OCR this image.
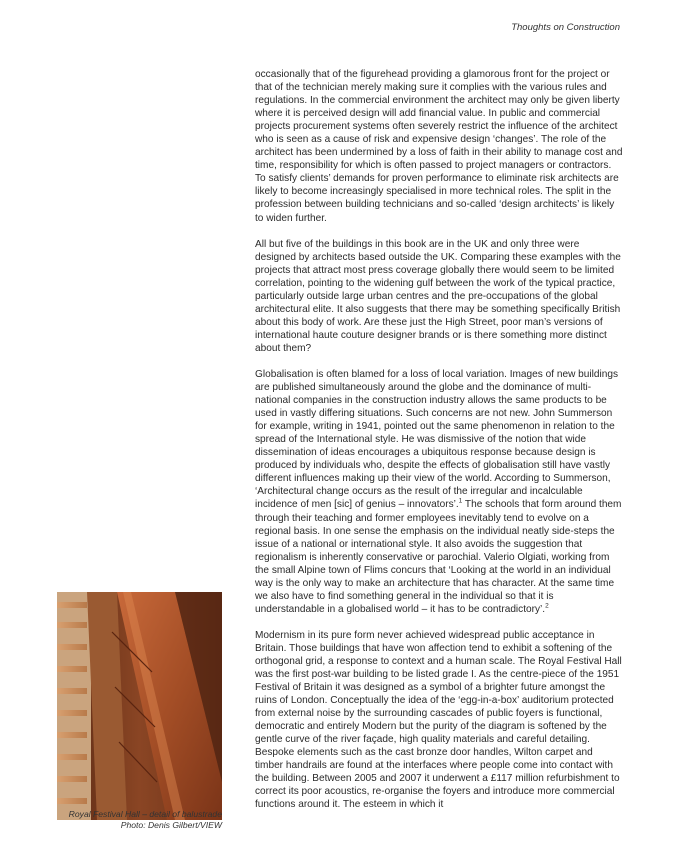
Thoughts on Construction

occasionally that of the figurehead providing a glamorous front for the project or that of the technician merely making sure it complies with the various rules and regulations. In the commercial environment the architect may only be given liberty where it is perceived design will add financial value. In public and commercial projects procurement systems often severely restrict the influence of the architect who is seen as a cause of risk and expensive design ‘changes’. The role of the architect has been undermined by a loss of faith in their ability to manage cost and time, responsibility for which is often passed to project managers or contractors. To satisfy clients’ demands for proven performance to eliminate risk architects are likely to become increasingly specialised in more technical roles. The split in the profession between building technicians and so-called ‘design architects’ is likely to widen further.

All but five of the buildings in this book are in the UK and only three were designed by architects based outside the UK. Comparing these examples with the projects that attract most press coverage globally there would seem to be limited correlation, pointing to the widening gulf between the work of the typical practice, particularly outside large urban centres and the pre-occupations of the global architectural elite. It also suggests that there may be something specifically British about this body of work. Are these just the High Street, poor man’s versions of international haute couture designer brands or is there something more distinct about them?

Globalisation is often blamed for a loss of local variation. Images of new buildings are published simultaneously around the globe and the dominance of multi-national companies in the construction industry allows the same products to be used in vastly differing situations. Such concerns are not new. John Summerson for example, writing in 1941, pointed out the same phenomenon in relation to the spread of the International style. He was dismissive of the notion that wide dissemination of ideas encourages a ubiquitous response because design is produced by individuals who, despite the effects of globalisation still have vastly different influences making up their view of the world. According to Summerson, ‘Architectural change occurs as the result of the irregular and incalculable incidence of men [sic] of genius – innovators’.$^1$ The schools that form around them through their teaching and former employees inevitably tend to evolve on a regional basis. In one sense the emphasis on the individual neatly side-steps the issue of a national or international style. It also avoids the suggestion that regionalism is inherently conservative or parochial. Valerio Olgiati, working from the small Alpine town of Flims concurs that ‘Looking at the world in an individual way is the only way to make an architecture that has character. At the same time we also have to find something general in the individual so that it is understandable in a globalised world – it has to be contradictory’.$^2$

Modernism in its pure form never achieved widespread public acceptance in Britain. Those buildings that have won affection tend to exhibit a softening of the orthogonal grid, a response to context and a human scale. The Royal Festival Hall was the first post-war building to be listed grade I. As the centre-piece of the 1951 Festival of Britain it was designed as a symbol of a brighter future amongst the ruins of London. Conceptually the idea of the ‘egg-in-a-box’ auditorium protected from external noise by the surrounding cascades of public foyers is functional, democratic and entirely Modern but the purity of the diagram is softened by the gentle curve of the river façade, high quality materials and careful detailing. Bespoke elements such as the cast bronze door handles, Wilton carpet and timber handrails are found at the interfaces where people come into contact with the building. Between 2005 and 2007 it underwent a £117 million refurbishment to correct its poor acoustics, re-organise the foyers and introduce more commercial functions around it. The esteem in which it

Royal Festival Hall – detail of balustrade
Photo: Denis Gilbert/VIEW
